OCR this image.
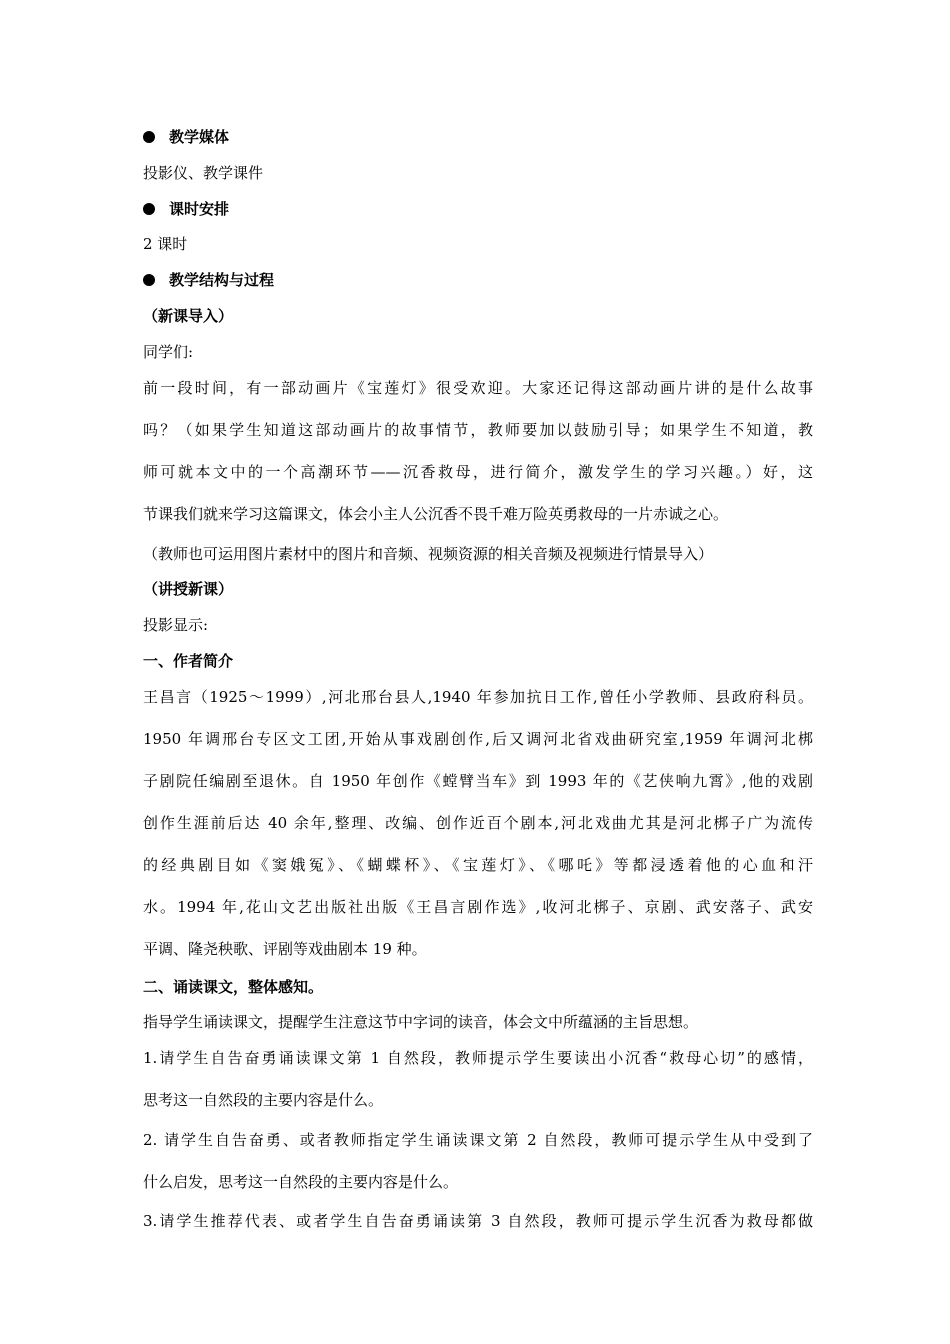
教学媒体
投影仪、教学课件
课时安排
2 课时
教学结构与过程
（新课导入）
同学们:
前一段时间，有一部动画片《宝莲灯》很受欢迎。大家还记得这部动画片讲的是什么故事
吗？（如果学生知道这部动画片的故事情节，教师要加以鼓励引导；如果学生不知道，教
师可就本文中的一个高潮环节——沉香救母，进行简介，激发学生的学习兴趣。）好，这
节课我们就来学习这篇课文，体会小主人公沉香不畏千难万险英勇救母的一片赤诚之心。
（教师也可运用图片素材中的图片和音频、视频资源的相关音频及视频进行情景导入）
（讲授新课）
投影显示:
一、作者简介
王昌言（1925～1999）,河北邢台县人,1940 年参加抗日工作,曾任小学教师、县政府科员。
1950 年调邢台专区文工团,开始从事戏剧创作,后又调河北省戏曲研究室,1959 年调河北梆
子剧院任编剧至退休。自 1950 年创作《螳臂当车》到 1993 年的《艺侠响九霄》,他的戏剧
创作生涯前后达 40 余年,整理、改编、创作近百个剧本,河北戏曲尤其是河北梆子广为流传
的经典剧目如《窦娥冤》、《蝴蝶杯》、《宝莲灯》、《哪吒》等都浸透着他的心血和汗
水。1994 年,花山文艺出版社出版《王昌言剧作选》,收河北梆子、京剧、武安落子、武安
平调、隆尧秧歌、评剧等戏曲剧本 19 种。
二、诵读课文，整体感知。
指导学生诵读课文，提醒学生注意这节中字词的读音，体会文中所蕴涵的主旨思想。
1.请学生自告奋勇诵读课文第 1 自然段，教师提示学生要读出小沉香“救母心切”的感情，
思考这一自然段的主要内容是什么。
2. 请学生自告奋勇、或者教师指定学生诵读课文第 2 自然段，教师可提示学生从中受到了
什么启发，思考这一自然段的主要内容是什么。
3.请学生推荐代表、或者学生自告奋勇诵读第 3 自然段，教师可提示学生沉香为救母都做
